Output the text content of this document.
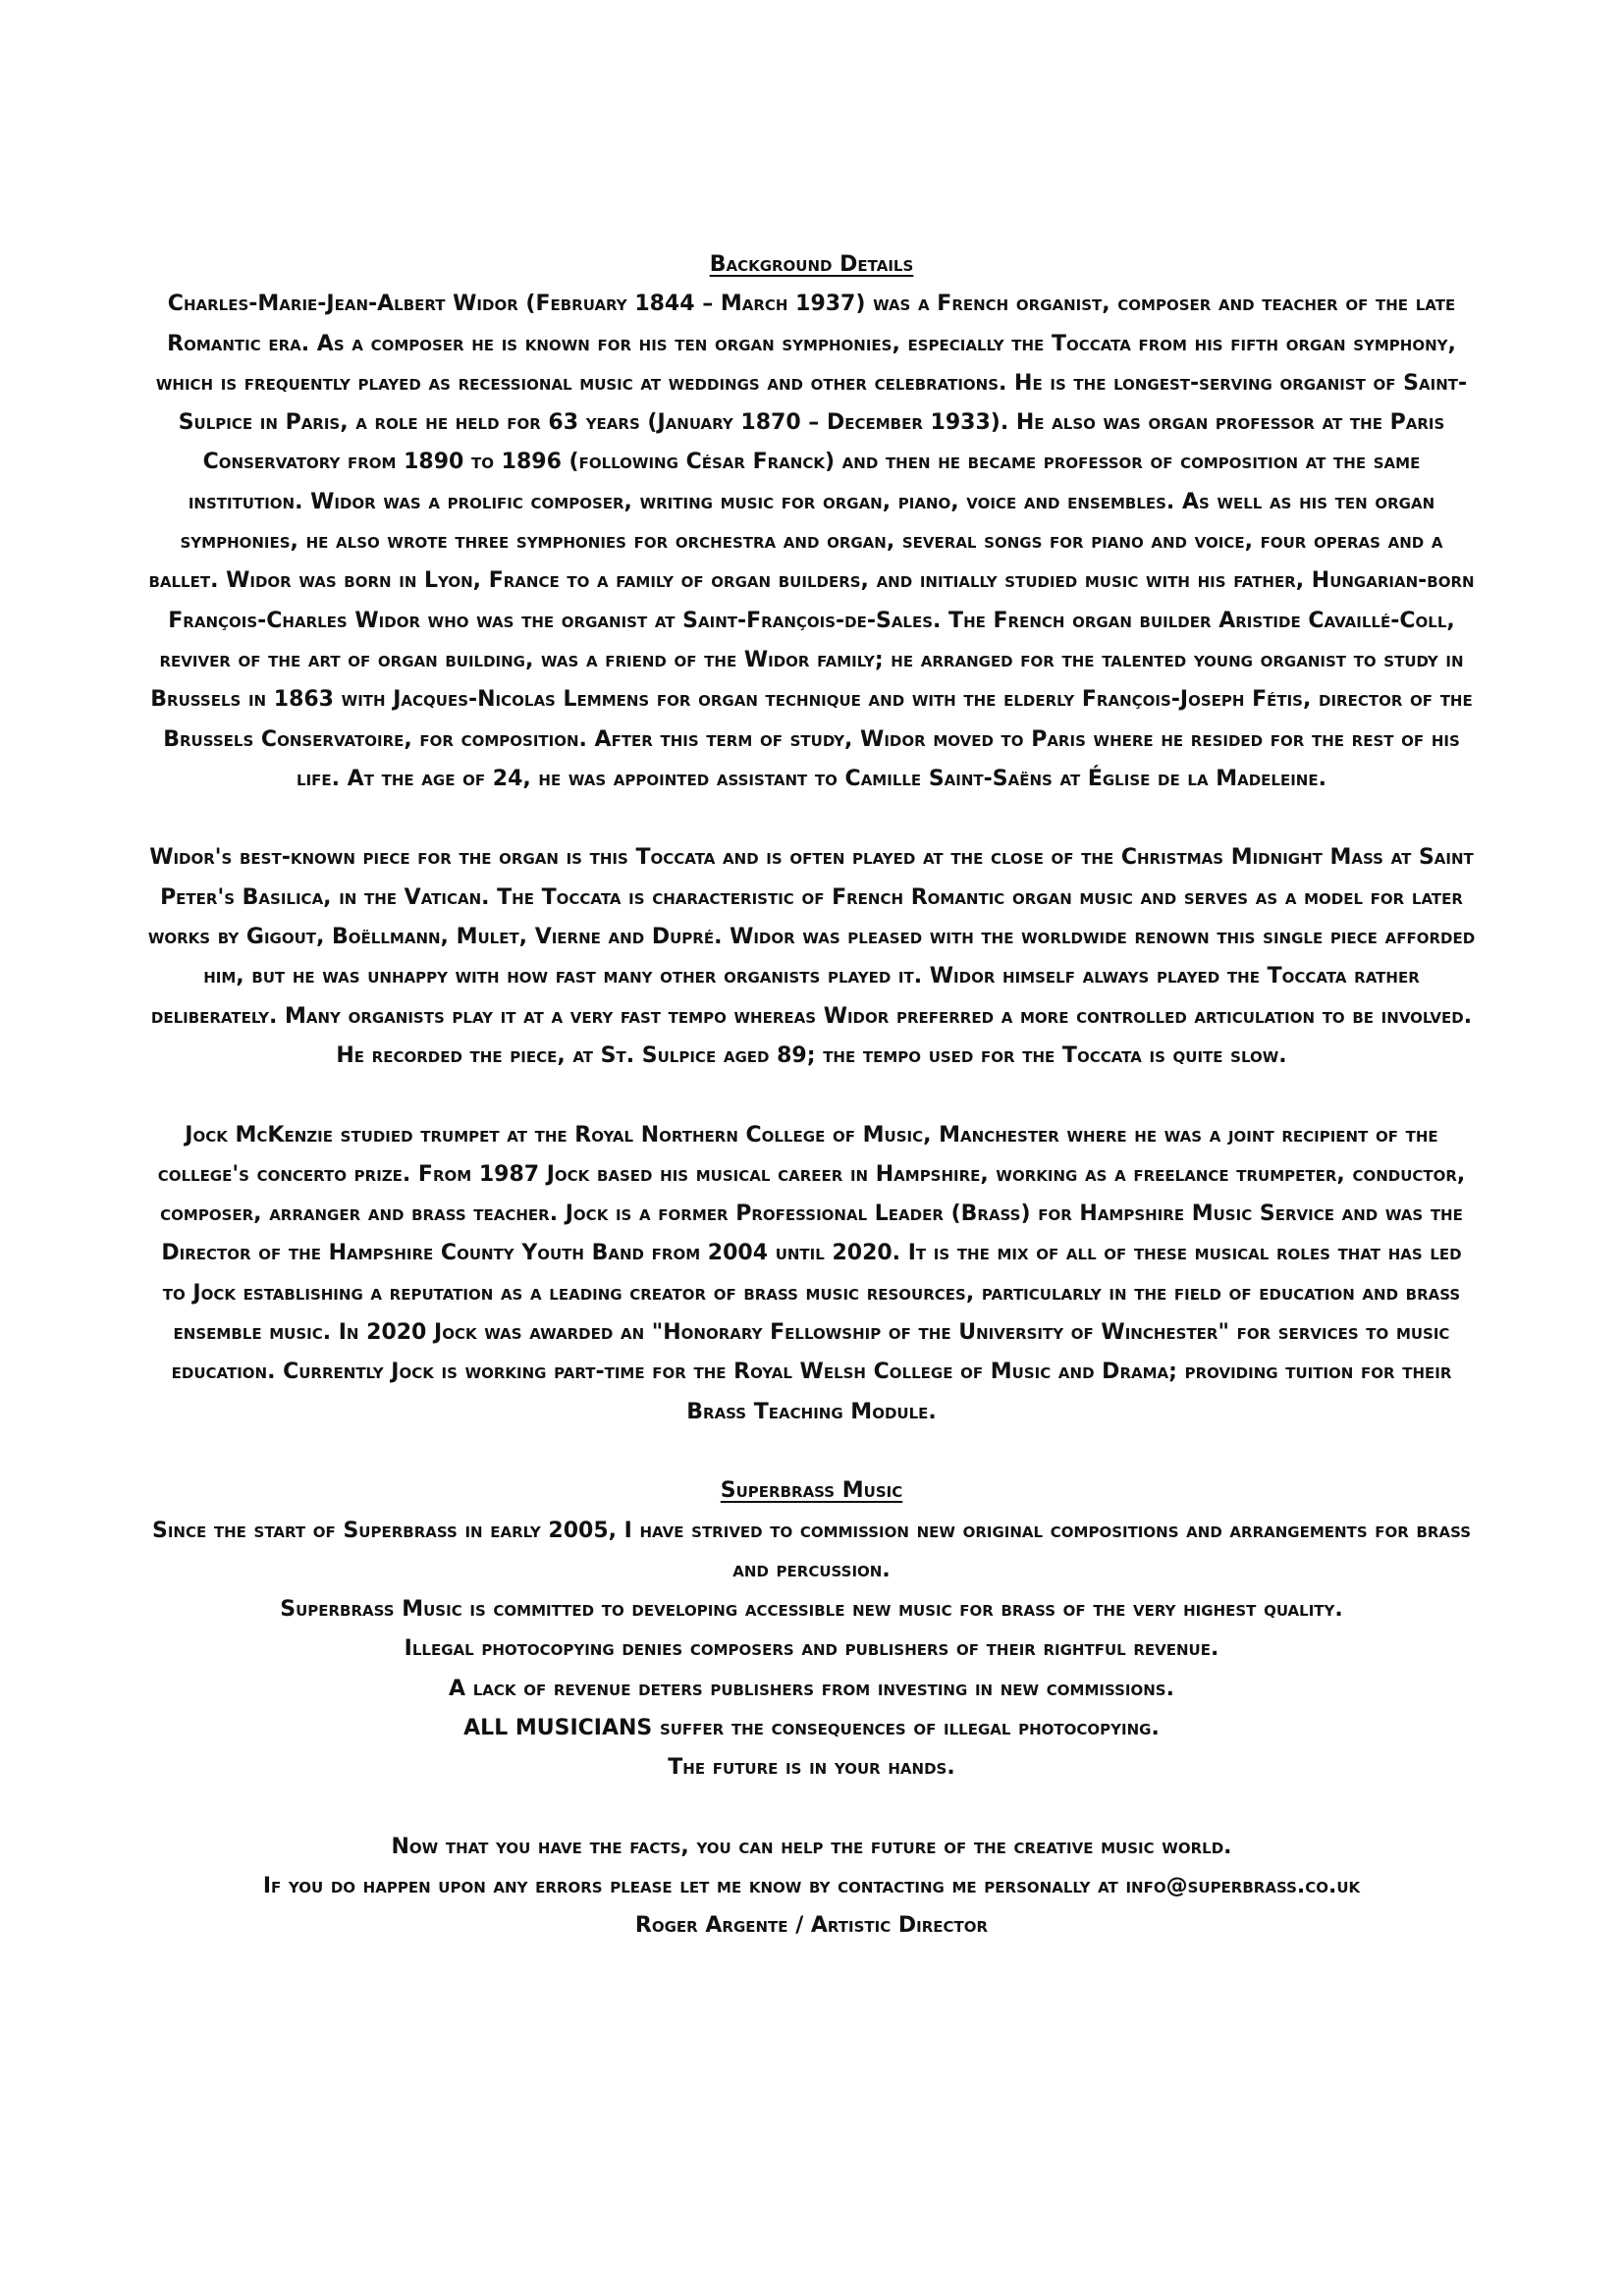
Background Details

Charles-Marie-Jean-Albert Widor (February 1844 – March 1937) was a French organist, composer and teacher of the late Romantic era. As a composer he is known for his ten organ symphonies, especially the Toccata from his fifth organ symphony, which is frequently played as recessional music at weddings and other celebrations. He is the longest-serving organist of Saint-Sulpice in Paris, a role he held for 63 years (January 1870 – December 1933). He also was organ professor at the Paris Conservatory from 1890 to 1896 (following César Franck) and then he became professor of composition at the same institution. Widor was a prolific composer, writing music for organ, piano, voice and ensembles. As well as his ten organ symphonies, he also wrote three symphonies for orchestra and organ, several songs for piano and voice, four operas and a ballet. Widor was born in Lyon, France to a family of organ builders, and initially studied music with his father, Hungarian-born François-Charles Widor who was the organist at Saint-François-de-Sales. The French organ builder Aristide Cavaillé-Coll, reviver of the art of organ building, was a friend of the Widor family; he arranged for the talented young organist to study in Brussels in 1863 with Jacques-Nicolas Lemmens for organ technique and with the elderly François-Joseph Fétis, director of the Brussels Conservatoire, for composition. After this term of study, Widor moved to Paris where he resided for the rest of his life. At the age of 24, he was appointed assistant to Camille Saint-Saëns at Église de la Madeleine.

Widor's best-known piece for the organ is this Toccata and is often played at the close of the Christmas Midnight Mass at Saint Peter's Basilica, in the Vatican. The Toccata is characteristic of French Romantic organ music and serves as a model for later works by Gigout, Boëllmann, Mulet, Vierne and Dupré. Widor was pleased with the worldwide renown this single piece afforded him, but he was unhappy with how fast many other organists played it. Widor himself always played the Toccata rather deliberately. Many organists play it at a very fast tempo whereas Widor preferred a more controlled articulation to be involved. He recorded the piece, at St. Sulpice aged 89; the tempo used for the Toccata is quite slow.

Jock McKenzie studied trumpet at the Royal Northern College of Music, Manchester where he was a joint recipient of the college's concerto prize. From 1987 Jock based his musical career in Hampshire, working as a freelance trumpeter, conductor, composer, arranger and brass teacher. Jock is a former Professional Leader (Brass) for Hampshire Music Service and was the Director of the Hampshire County Youth Band from 2004 until 2020. It is the mix of all of these musical roles that has led to Jock establishing a reputation as a leading creator of brass music resources, particularly in the field of education and brass ensemble music. In 2020 Jock was awarded an "Honorary Fellowship of the University of Winchester" for services to music education. Currently Jock is working part-time for the Royal Welsh College of Music and Drama; providing tuition for their Brass Teaching Module.

Superbrass Music

Since the start of Superbrass in early 2005, I have strived to commission new original compositions and arrangements for brass and percussion.

Superbrass Music is committed to developing accessible new music for brass of the very highest quality.

Illegal photocopying denies composers and publishers of their rightful revenue.

A lack of revenue deters publishers from investing in new commissions.

ALL MUSICIANS suffer the consequences of illegal photocopying.

The future is in your hands.

Now that you have the facts, you can help the future of the creative music world.

If you do happen upon any errors please let me know by contacting me personally at info@superbrass.co.uk

Roger Argente / Artistic Director
